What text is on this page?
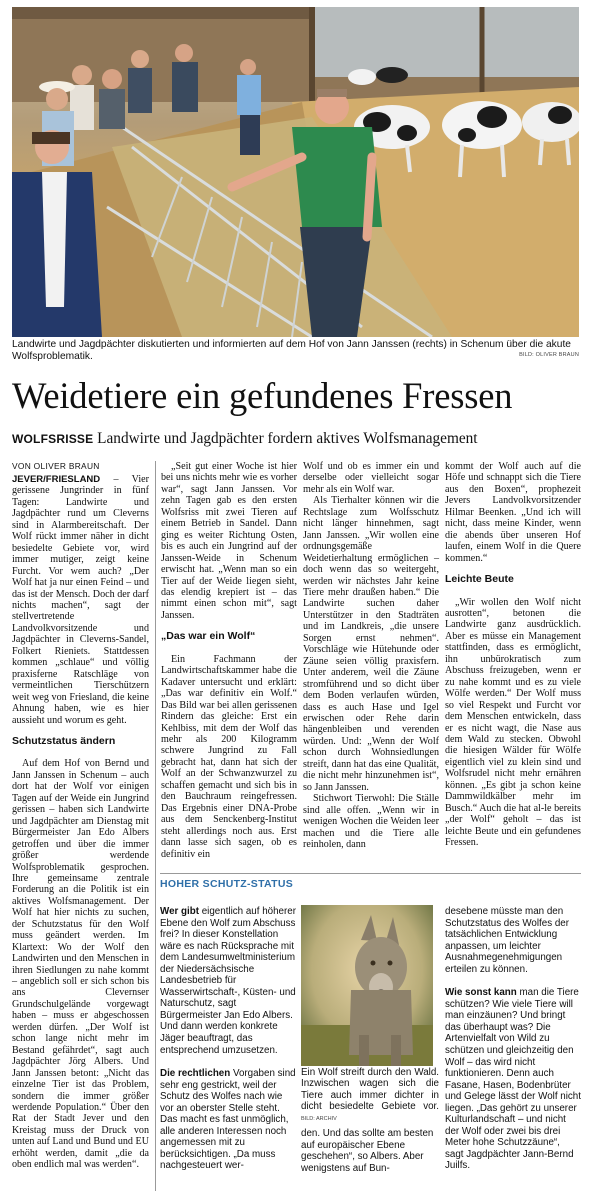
Landwirte und Jagdpächter diskutierten und informierten auf dem Hof von Jann Janssen (rechts) in Schenum über die akute Wolfsproblematik.	BILD: OLIVER BRAUN
Weidetiere ein gefundenes Fressen
WOLFSRISSE Landwirte und Jagdpächter fordern aktives Wolfsmanagement
VON OLIVER BRAUN

JEVER/FRIESLAND – Vier gerissene Jungrinder in fünf Tagen: Landwirte und Jagdpächter rund um Cleverns sind in Alarmbereitschaft. Der Wolf rückt immer näher in dicht besiedelte Gebiete vor, wird immer mutiger, zeigt keine Furcht. Vor wem auch? „Der Wolf hat ja nur einen Feind – und das ist der Mensch. Doch der darf nichts machen“, sagt der stellvertretende Landvolkvorsitzende und Jagdpächter in Cleverns-Sandel, Folkert Rieniets. Stattdessen kommen „schlaue“ und völlig praxisferne Ratschläge von vermeintlichen Tierschützern weit weg von Friesland, die keine Ahnung haben, wie es hier aussieht und worum es geht.

Schutzstatus ändern

Auf dem Hof von Bernd und Jann Janssen in Schenum – auch dort hat der Wolf vor einigen Tagen auf der Weide ein Jungrind gerissen – haben sich Landwirte und Jagdpächter am Dienstag mit Bürgermeister Jan Edo Albers getroffen und über die immer größer werdende Wolfsproblematik gesprochen. Ihre gemeinsame zentrale Forderung an die Politik ist ein aktives Wolfsmanagement. Der Wolf hat hier nichts zu suchen, der Schutzstatus für den Wolf muss geändert werden. Im Klartext: Wo der Wolf den Landwirten und den Menschen in ihren Siedlungen zu nahe kommt – angeblich soll er sich schon bis ans Clevernser Grundschulgelände vorgewagt haben – muss er abgeschossen werden dürfen. „Der Wolf ist schon lange nicht mehr im Bestand gefährdet“, sagt auch Jagdpächter Jörg Albers. Und Jann Janssen betont: „Nicht das einzelne Tier ist das Problem, sondern die immer größer werdende Population.“ Über den Rat der Stadt Jever und den Kreistag muss der Druck von unten auf Land und Bund und EU erhöht werden, damit „die da oben endlich mal was werden“.

„Seit gut einer Woche ist hier bei uns nichts mehr wie es vorher war“, sagt Jann Janssen. Vor zehn Tagen gab es den ersten Wolfsriss mit zwei Tieren auf einem Betrieb in Sandel. Dann ging es weiter Richtung Osten, bis es auch ein Jungrind auf der Janssen-Weide in Schenum erwischt hat. „Wenn man so ein Tier auf der Weide liegen sieht, das elendig krepiert ist – das nimmt einen schon mit“, sagt Janssen.

„Das war ein Wolf“

Ein Fachmann der Landwirtschaftskammer habe die Kadaver untersucht und erklärt: „Das war definitiv ein Wolf.“ Das Bild war bei allen gerissenen Rindern das gleiche: Erst ein Kehlbiss, mit dem der Wolf das mehr als 200 Kilogramm schwere Jungrind zu Fall gebracht hat, dann hat sich der Wolf an der Schwanzwurzel zu schaffen gemacht und sich bis in den Bauchraum reingefressen. Das Ergebnis einer DNA-Probe aus dem Senckenberg-Institut steht allerdings noch aus. Erst dann lasse sich sagen, ob es definitiv ein

Wolf und ob es immer ein und derselbe oder vielleicht sogar mehr als ein Wolf war.

Als Tierhalter können wir die Rechtslage zum Wolfsschutz nicht länger hinnehmen, sagt Jann Janssen. „Wir wollen eine ordnungsgemäße Weidetierhaltung ermöglichen – doch wenn das so weitergeht, werden wir nächstes Jahr keine Tiere mehr draußen haben.“ Die Landwirte suchen daher Unterstützer in den Stadträten und im Landkreis, „die unsere Sorgen ernst nehmen“. Vorschläge wie Hütehunde oder Zäune seien völlig praxisfern. Unter anderem, weil die Zäune stromführend und so dicht über dem Boden verlaufen würden, dass es auch Hase und Igel erwischen oder Rehe darin hängenbleiben und verenden würden. Und: „Wenn der Wolf schon durch Wohnsiedlungen streift, dann hat das eine Qualität, die nicht mehr hinzunehmen ist“, so Jann Janssen.

Stichwort Tierwohl: Die Ställe sind alle offen. „Wenn wir in wenigen Wochen die Weiden leer machen und die Tiere alle reinholen, dann

kommt der Wolf auch auf die Höfe und schnappt sich die Tiere aus den Boxen“, prophezeit Jevers Landvolkvorsitzender Hilmar Beenken. „Und ich will nicht, dass meine Kinder, wenn die abends über unseren Hof laufen, einem Wolf in die Quere kommen.“

Leichte Beute

„Wir wollen den Wolf nicht ausrotten“, betonen die Landwirte ganz ausdrücklich. Aber es müsse ein Management stattfinden, dass es ermöglicht, ihn unbürokratisch zum Abschuss freizugeben, wenn er zu nahe kommt und es zu viele Wölfe werden.“ Der Wolf muss so viel Respekt und Furcht vor dem Menschen entwickeln, dass er es nicht wagt, die Nase aus dem Wald zu stecken. Obwohl die hiesigen Wälder für Wölfe eigentlich viel zu klein sind und Wolfsrudel nicht mehr ernähren können. „Es gibt ja schon keine Dammwildkälber mehr im Busch.“ Auch die hat al-le bereits „der Wolf“ geholt – das ist leichte Beute und ein gefundenes Fressen.

HOHER SCHUTZ-STATUS

Wer gibt eigentlich auf höherer Ebene den Wolf zum Abschuss frei? In dieser Konstellation wäre es nach Rücksprache mit dem Landesumweltministerium der Niedersächsische Landesbetrieb für Wasserwirtschaft-, Küsten- und Naturschutz, sagt Bürgermeister Jan Edo Albers. Und dann werden konkrete Jäger beauftragt, das entsprechend umzusetzen.

Die rechtlichen Vorgaben sind sehr eng gestrickt, weil der Schutz des Wolfes nach wie vor an oberster Stelle steht. Das macht es fast unmöglich, alle anderen Interessen noch angemessen mit zu berücksichtigen. „Da muss nachgesteuert wer-

Ein Wolf streift durch den Wald. Inzwischen wagen sich die Tiere auch immer dichter in dicht besiedelte Gebiete vor. BILD: ARCHIV

den. Und das sollte am besten auf europäischer Ebene geschehen“, so Albers. Aber wenigstens auf Bun-

desebene müsste man den Schutzstatus des Wolfes der tatsächlichen Entwicklung anpassen, um leichter Ausnahmegenehmigungen erteilen zu können.

Wie sonst kann man die Tiere schützen? Wie viele Tiere will man einzäunen? Und bringt das überhaupt was? Die Artenvielfalt von Wild zu schützen und gleichzeitig den Wolf – das wird nicht funktionieren. Denn auch Fasane, Hasen, Bodenbrüter und Gelege lässt der Wolf nicht liegen. „Das gehört zu unserer Kulturlandschaft – und nicht der Wolf oder zwei bis drei Meter hohe Schutzzäune“, sagt Jagdpächter Jann-Bernd Juilfs.
